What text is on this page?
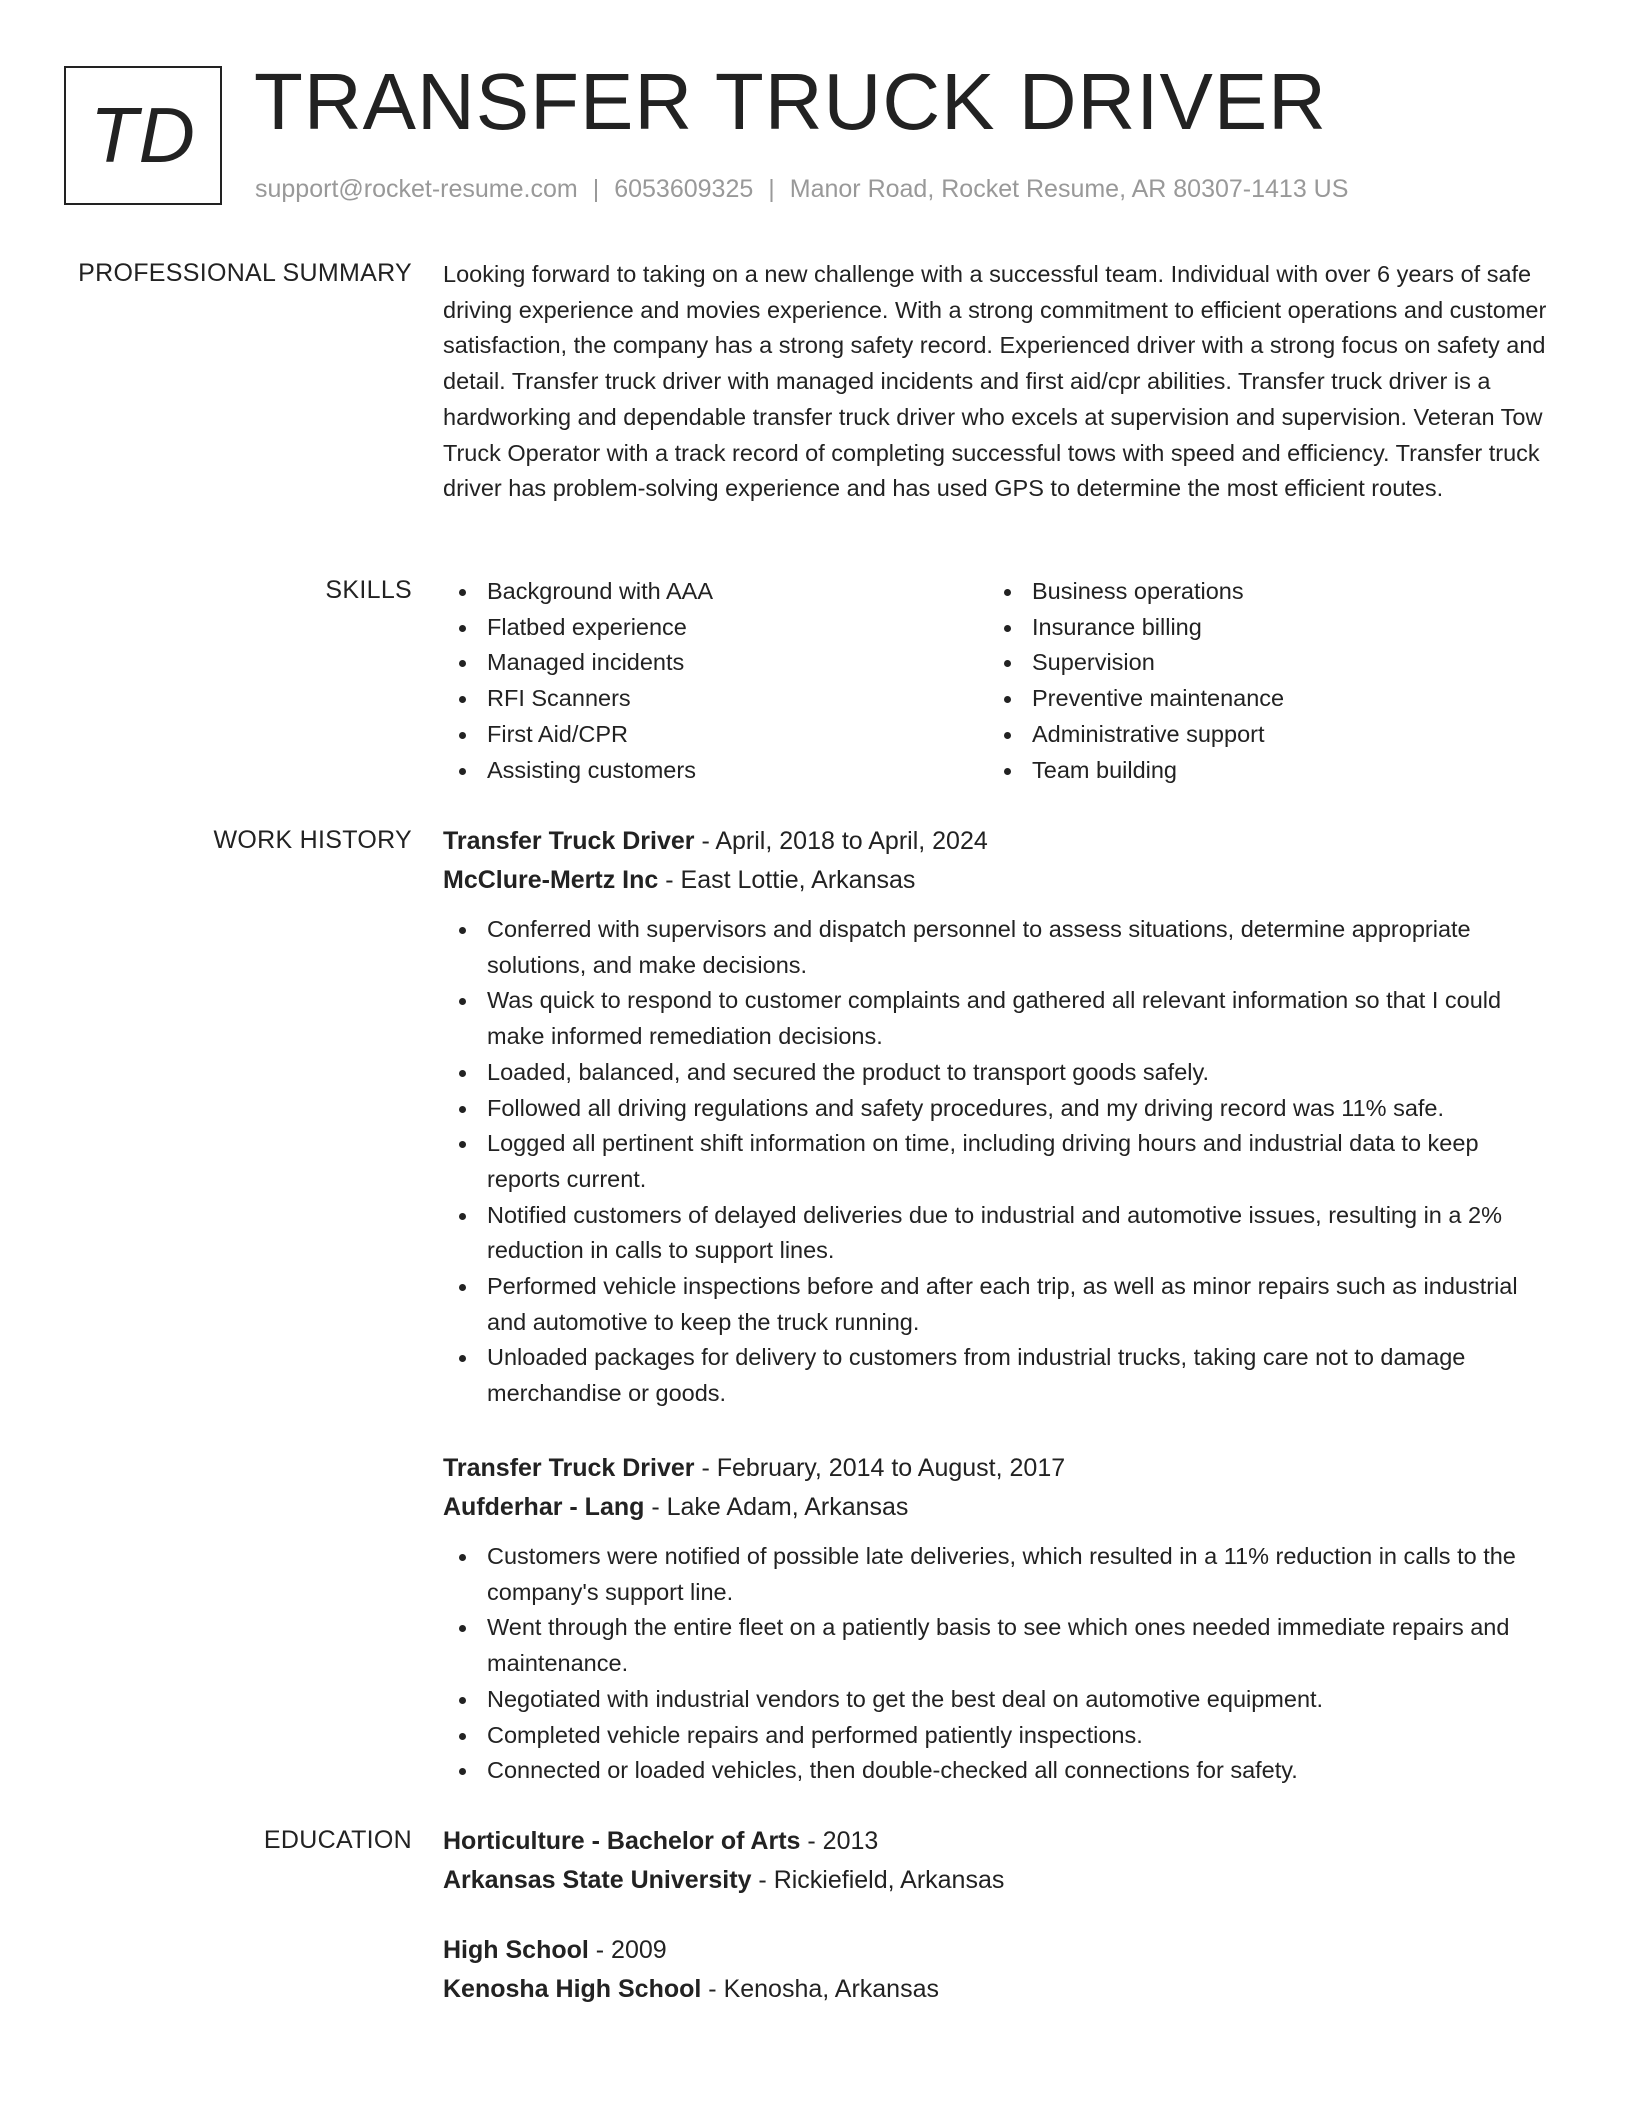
TD TRANSFER TRUCK DRIVER
support@rocket-resume.com | 6053609325 | Manor Road, Rocket Resume, AR 80307-1413 US
PROFESSIONAL SUMMARY Looking forward to taking on a new challenge with a successful team. Individual with over 6 years of safe driving experience and movies experience. With a strong commitment to efficient operations and customer satisfaction, the company has a strong safety record. Experienced driver with a strong focus on safety and detail. Transfer truck driver with managed incidents and first aid/cpr abilities. Transfer truck driver is a hardworking and dependable transfer truck driver who excels at supervision and supervision. Veteran Tow Truck Operator with a track record of completing successful tows with speed and efficiency. Transfer truck driver has problem-solving experience and has used GPS to determine the most efficient routes.

SKILLS	Background with AAA
Flatbed experience
Managed incidents
RFI Scanners
First Aid/CPR
Assisting customers
Business operations
Insurance billing
Supervision
Preventive maintenance
Administrative support
Team building
WORK HISTORY Transfer Truck Driver - April, 2018 to April, 2024
McClure-Mertz Inc - East Lottie, Arkansas
Conferred with supervisors and dispatch personnel to assess situations, determine appropriate solutions, and make decisions.
Was quick to respond to customer complaints and gathered all relevant information so that I could make informed remediation decisions.
Loaded, balanced, and secured the product to transport goods safely.
Followed all driving regulations and safety procedures, and my driving record was 11% safe.
Logged all pertinent shift information on time, including driving hours and industrial data to keep reports current.
Notified customers of delayed deliveries due to industrial and automotive issues, resulting in a 2% reduction in calls to support lines.
Performed vehicle inspections before and after each trip, as well as minor repairs such as industrial and automotive to keep the truck running.
Unloaded packages for delivery to customers from industrial trucks, taking care not to damage merchandise or goods.
Transfer Truck Driver - February, 2014 to August, 2017
Aufderhar - Lang - Lake Adam, Arkansas
Customers were notified of possible late deliveries, which resulted in a 11% reduction in calls to the company's support line.
Went through the entire fleet on a patiently basis to see which ones needed immediate repairs and maintenance.
Negotiated with industrial vendors to get the best deal on automotive equipment.
Completed vehicle repairs and performed patiently inspections.
Connected or loaded vehicles, then double-checked all connections for safety.
EDUCATION Horticulture - Bachelor of Arts - 2013
Arkansas State University - Rickiefield, Arkansas
High School - 2009
Kenosha High School - Kenosha, Arkansas
